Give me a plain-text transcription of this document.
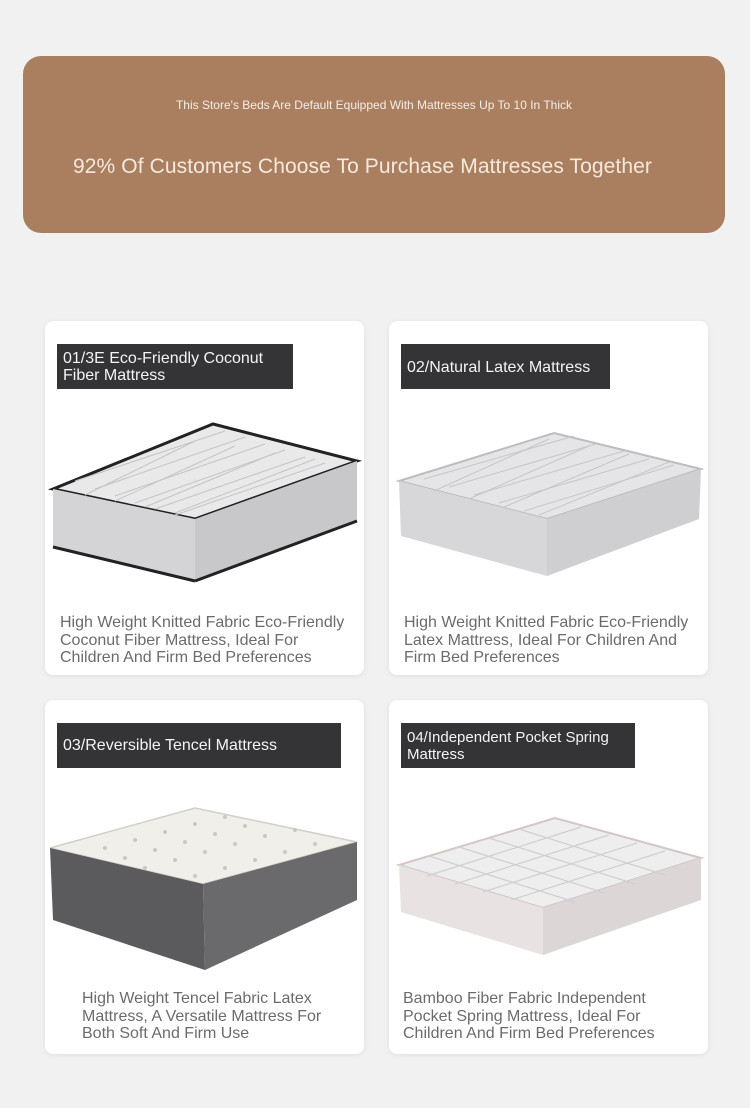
This Store's Beds Are Default Equipped With Mattresses Up To 10 In Thick
92% Of Customers Choose To Purchase Mattresses Together
01/3E Eco-Friendly Coconut Fiber Mattress
High Weight Knitted Fabric Eco-Friendly Coconut Fiber Mattress, Ideal For Children And Firm Bed Preferences
02/Natural Latex Mattress
High Weight Knitted Fabric Eco-Friendly Latex Mattress, Ideal For Children And Firm Bed Preferences
03/Reversible Tencel Mattress
High Weight Tencel Fabric Latex Mattress, A Versatile Mattress For Both Soft And Firm Use
04/Independent Pocket Spring Mattress
Bamboo Fiber Fabric Independent Pocket Spring Mattress, Ideal For Children And Firm Bed Preferences
